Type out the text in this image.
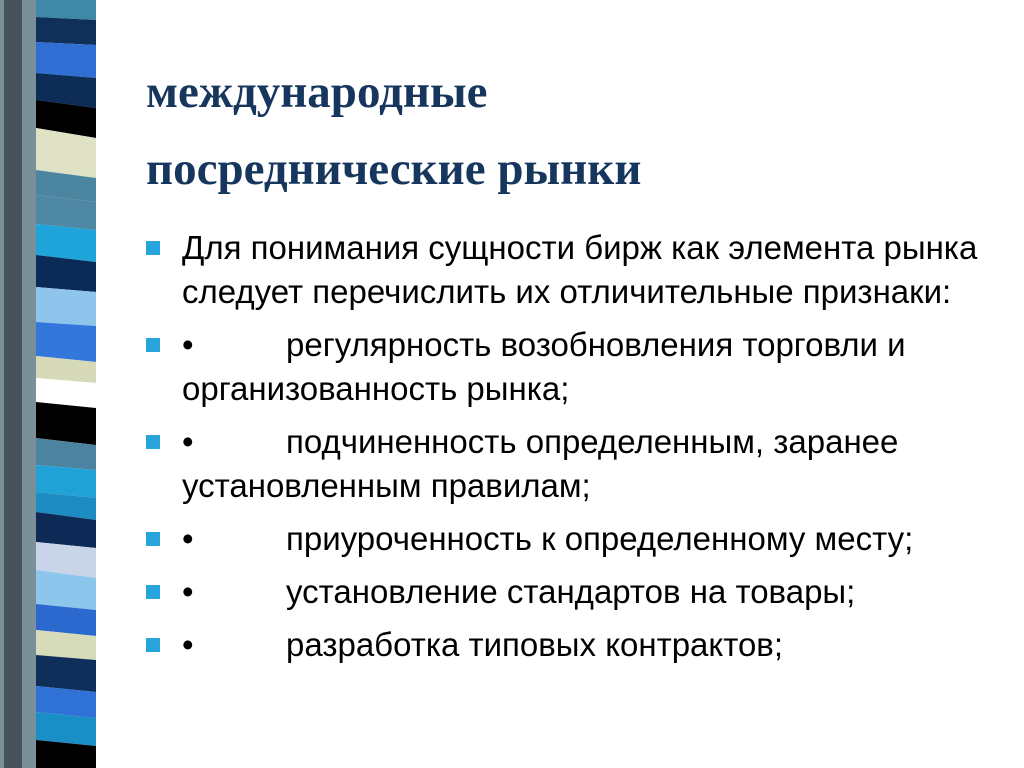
международные
посреднические рынки
Для понимания сущности бирж как элемента рынка следует перечислить их отличительные признаки:
•	регулярность возобновления торговли и организованность рынка;
•	подчиненность определенным, заранее установленным правилам;
•	приуроченность к определенному месту;
•	установление стандартов на товары;
•	разработка типовых контрактов;
